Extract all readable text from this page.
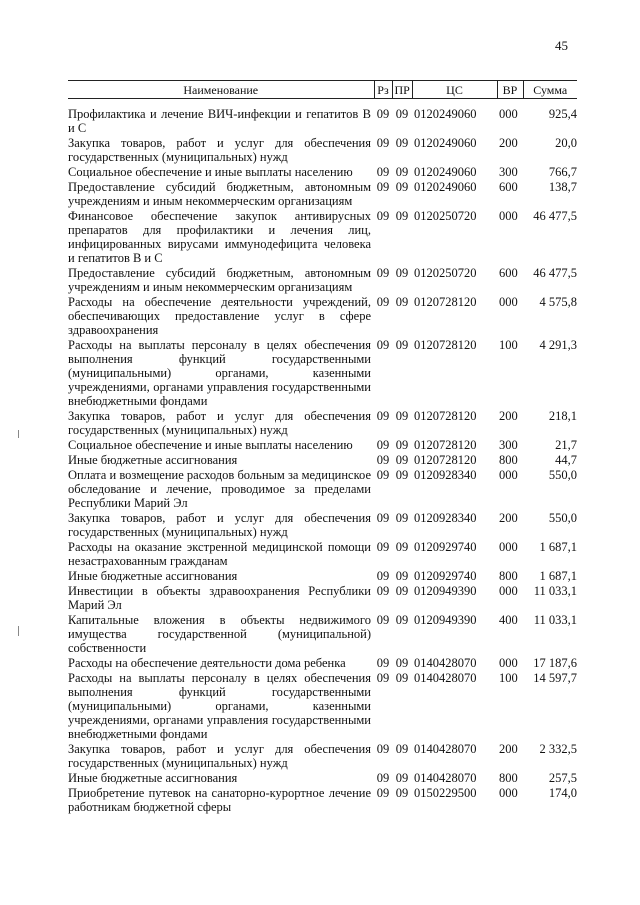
45
Наименование	Рз	ПР	ЦС	ВР	Сумма

Профилактика и лечение ВИЧ-инфекции и гепатитов В и С	09	09	0120249060	000	925,4
Закупка товаров, работ и услуг для обеспечения государственных (муниципальных) нужд	09	09	0120249060	200	20,0
Социальное обеспечение и иные выплаты населению	09	09	0120249060	300	766,7
Предоставление субсидий бюджетным, автономным учреждениям и иным некоммерческим организациям	09	09	0120249060	600	138,7
Финансовое обеспечение закупок антивирусных препаратов для профилактики и лечения лиц, инфицированных вирусами иммунодефицита человека и гепатитов В и С	09	09	0120250720	000	46 477,5
Предоставление субсидий бюджетным, автономным учреждениям и иным некоммерческим организациям	09	09	0120250720	600	46 477,5
Расходы на обеспечение деятельности учреждений, обеспечивающих предоставление услуг в сфере здравоохранения	09	09	0120728120	000	4 575,8
Расходы на выплаты персоналу в целях обеспечения выполнения функций государственными (муниципальными) органами, казенными учреждениями, органами управления государственными внебюджетными фондами	09	09	0120728120	100	4 291,3
Закупка товаров, работ и услуг для обеспечения государственных (муниципальных) нужд	09	09	0120728120	200	218,1
Социальное обеспечение и иные выплаты населению	09	09	0120728120	300	21,7
Иные бюджетные ассигнования	09	09	0120728120	800	44,7
Оплата и возмещение расходов больным за медицинское обследование и лечение, проводимое за пределами Республики Марий Эл	09	09	0120928340	000	550,0
Закупка товаров, работ и услуг для обеспечения государственных (муниципальных) нужд	09	09	0120928340	200	550,0
Расходы на оказание экстренной медицинской помощи незастрахованным гражданам	09	09	0120929740	000	1 687,1
Иные бюджетные ассигнования	09	09	0120929740	800	1 687,1
Инвестиции в объекты здравоохранения Республики Марий Эл	09	09	0120949390	000	11 033,1
Капитальные вложения в объекты недвижимого имущества государственной (муниципальной) собственности	09	09	0120949390	400	11 033,1
Расходы на обеспечение деятельности дома ребенка	09	09	0140428070	000	17 187,6
Расходы на выплаты персоналу в целях обеспечения выполнения функций государственными (муниципальными) органами, казенными учреждениями, органами управления государственными внебюджетными фондами	09	09	0140428070	100	14 597,7
Закупка товаров, работ и услуг для обеспечения государственных (муниципальных) нужд	09	09	0140428070	200	2 332,5
Иные бюджетные ассигнования	09	09	0140428070	800	257,5
Приобретение путевок на санаторно-курортное лечение работникам бюджетной сферы	09	09	0150229500	000	174,0
